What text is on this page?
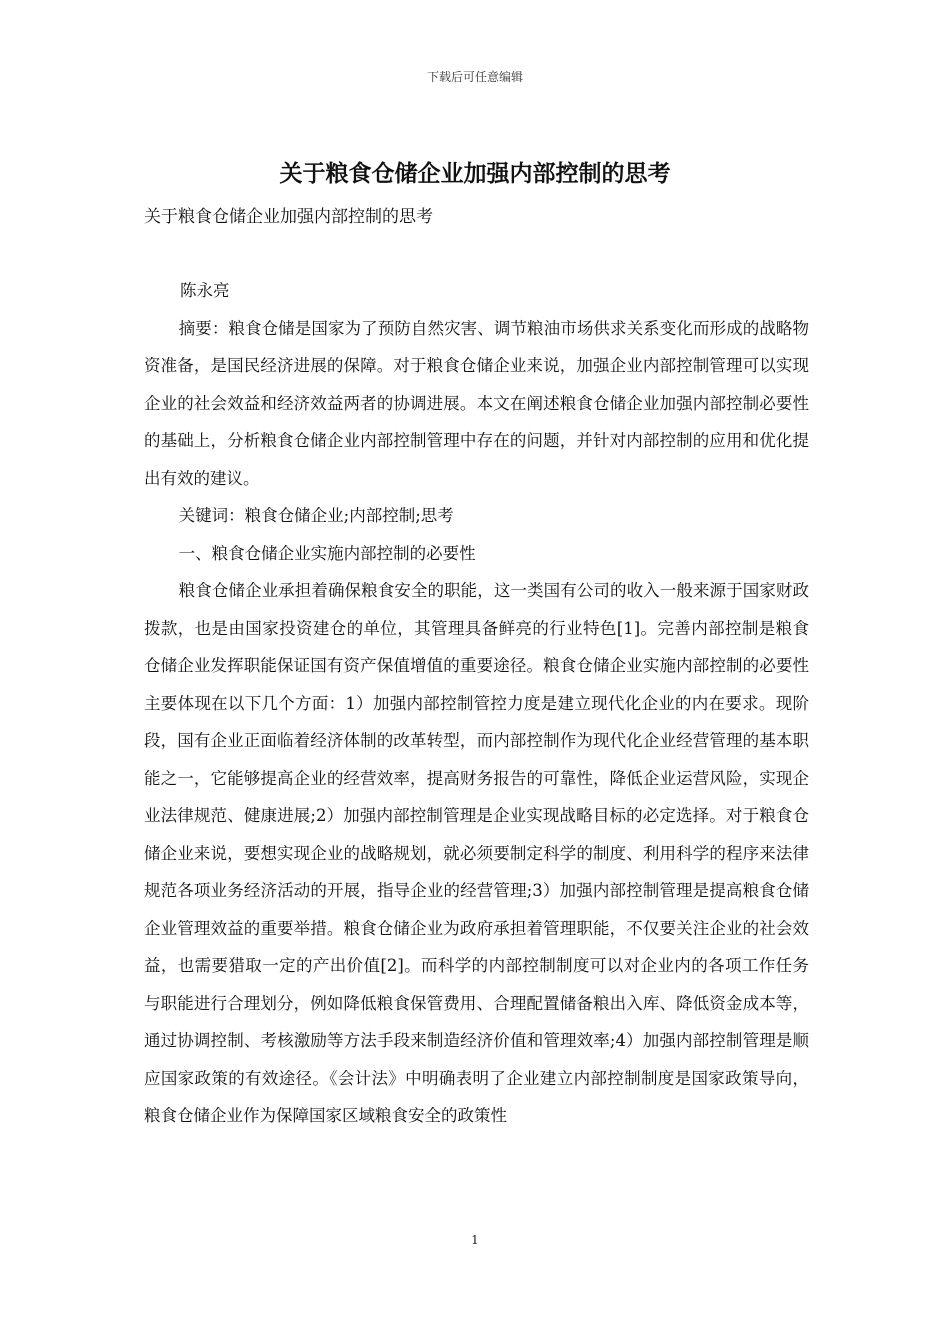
下载后可任意编辑
关于粮食仓储企业加强内部控制的思考

关于粮食仓储企业加强内部控制的思考

陈永亮

摘要：粮食仓储是国家为了预防自然灾害、调节粮油市场供求关系变化而形成的战略物资准备，是国民经济进展的保障。对于粮食仓储企业来说，加强企业内部控制管理可以实现企业的社会效益和经济效益两者的协调进展。本文在阐述粮食仓储企业加强内部控制必要性的基础上，分析粮食仓储企业内部控制管理中存在的问题，并针对内部控制的应用和优化提出有效的建议。

关键词：粮食仓储企业;内部控制;思考

一、粮食仓储企业实施内部控制的必要性

粮食仓储企业承担着确保粮食安全的职能，这一类国有公司的收入一般来源于国家财政拨款，也是由国家投资建仓的单位，其管理具备鲜亮的行业特色[1]。完善内部控制是粮食仓储企业发挥职能保证国有资产保值增值的重要途径。粮食仓储企业实施内部控制的必要性主要体现在以下几个方面：1）加强内部控制管控力度是建立现代化企业的内在要求。现阶段，国有企业正面临着经济体制的改革转型，而内部控制作为现代化企业经营管理的基本职能之一，它能够提高企业的经营效率，提高财务报告的可靠性，降低企业运营风险，实现企业法律规范、健康进展;2）加强内部控制管理是企业实现战略目标的必定选择。对于粮食仓储企业来说，要想实现企业的战略规划，就必须要制定科学的制度、利用科学的程序来法律规范各项业务经济活动的开展，指导企业的经营管理;3）加强内部控制管理是提高粮食仓储企业管理效益的重要举措。粮食仓储企业为政府承担着管理职能，不仅要关注企业的社会效益，也需要猎取一定的产出价值[2]。而科学的内部控制制度可以对企业内的各项工作任务与职能进行合理划分，例如降低粮食保管费用、合理配置储备粮出入库、降低资金成本等，通过协调控制、考核激励等方法手段来制造经济价值和管理效率;4）加强内部控制管理是顺应国家政策的有效途径。《会计法》中明确表明了企业建立内部控制制度是国家政策导向，粮食仓储企业作为保障国家区域粮食安全的政策性

1
